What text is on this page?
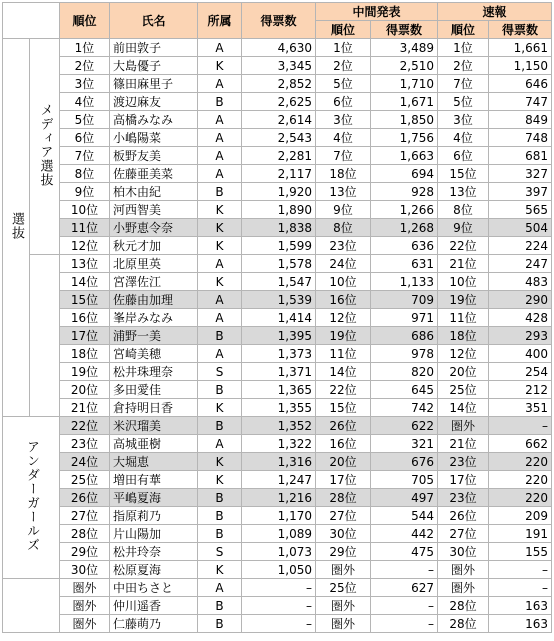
		順位	氏名	所属	得票数	中間発表		速報	
						順位	得票数	順位	得票数
選抜	メディア選抜	1位	前田敦子	A	4,630	1位	3,489	1位	1,661
		2位	大島優子	K	3,345	2位	2,510	2位	1,150
		3位	篠田麻里子	A	2,852	5位	1,710	7位	646
		4位	渡辺麻友	B	2,625	6位	1,671	5位	747
		5位	高橋みなみ	A	2,614	3位	1,850	3位	849
		6位	小嶋陽菜	A	2,543	4位	1,756	4位	748
		7位	板野友美	A	2,281	7位	1,663	6位	681
		8位	佐藤亜美菜	A	2,117	18位	694	15位	327
		9位	柏木由紀	B	1,920	13位	928	13位	397
		10位	河西智美	K	1,890	9位	1,266	8位	565
		11位	小野恵令奈	K	1,838	8位	1,268	9位	504
		12位	秋元才加	K	1,599	23位	636	22位	224
		13位	北原里英	A	1,578	24位	631	21位	247
		14位	宮澤佐江	K	1,547	10位	1,133	10位	483
		15位	佐藤由加理	A	1,539	16位	709	19位	290
		16位	峯岸みなみ	A	1,414	12位	971	11位	428
		17位	浦野一美	B	1,395	19位	686	18位	293
		18位	宮崎美穂	A	1,373	11位	978	12位	400
		19位	松井珠理奈	S	1,371	14位	820	20位	254
		20位	多田愛佳	B	1,365	22位	645	25位	212
		21位	倉持明日香	K	1,355	15位	742	14位	351
アンダーガールズ		22位	米沢瑠美	B	1,352	26位	622	圏外	–
		23位	高城亜樹	A	1,322	16位	321	21位	662
		24位	大堀恵	K	1,316	20位	676	23位	220
		25位	増田有華	K	1,247	17位	705	17位	220
		26位	平嶋夏海	B	1,216	28位	497	23位	220
		27位	指原莉乃	B	1,170	27位	544	26位	209
		28位	片山陽加	B	1,089	30位	442	27位	191
		29位	松井玲奈	S	1,073	29位	475	30位	155
		30位	松原夏海	K	1,050	圏外	–	圏外	–
		圏外	中田ちさと	A	–	25位	627	圏外	–
		圏外	仲川遥香	B	–	圏外	–	28位	163
		圏外	仁藤萌乃	B	–	圏外	–	28位	163
